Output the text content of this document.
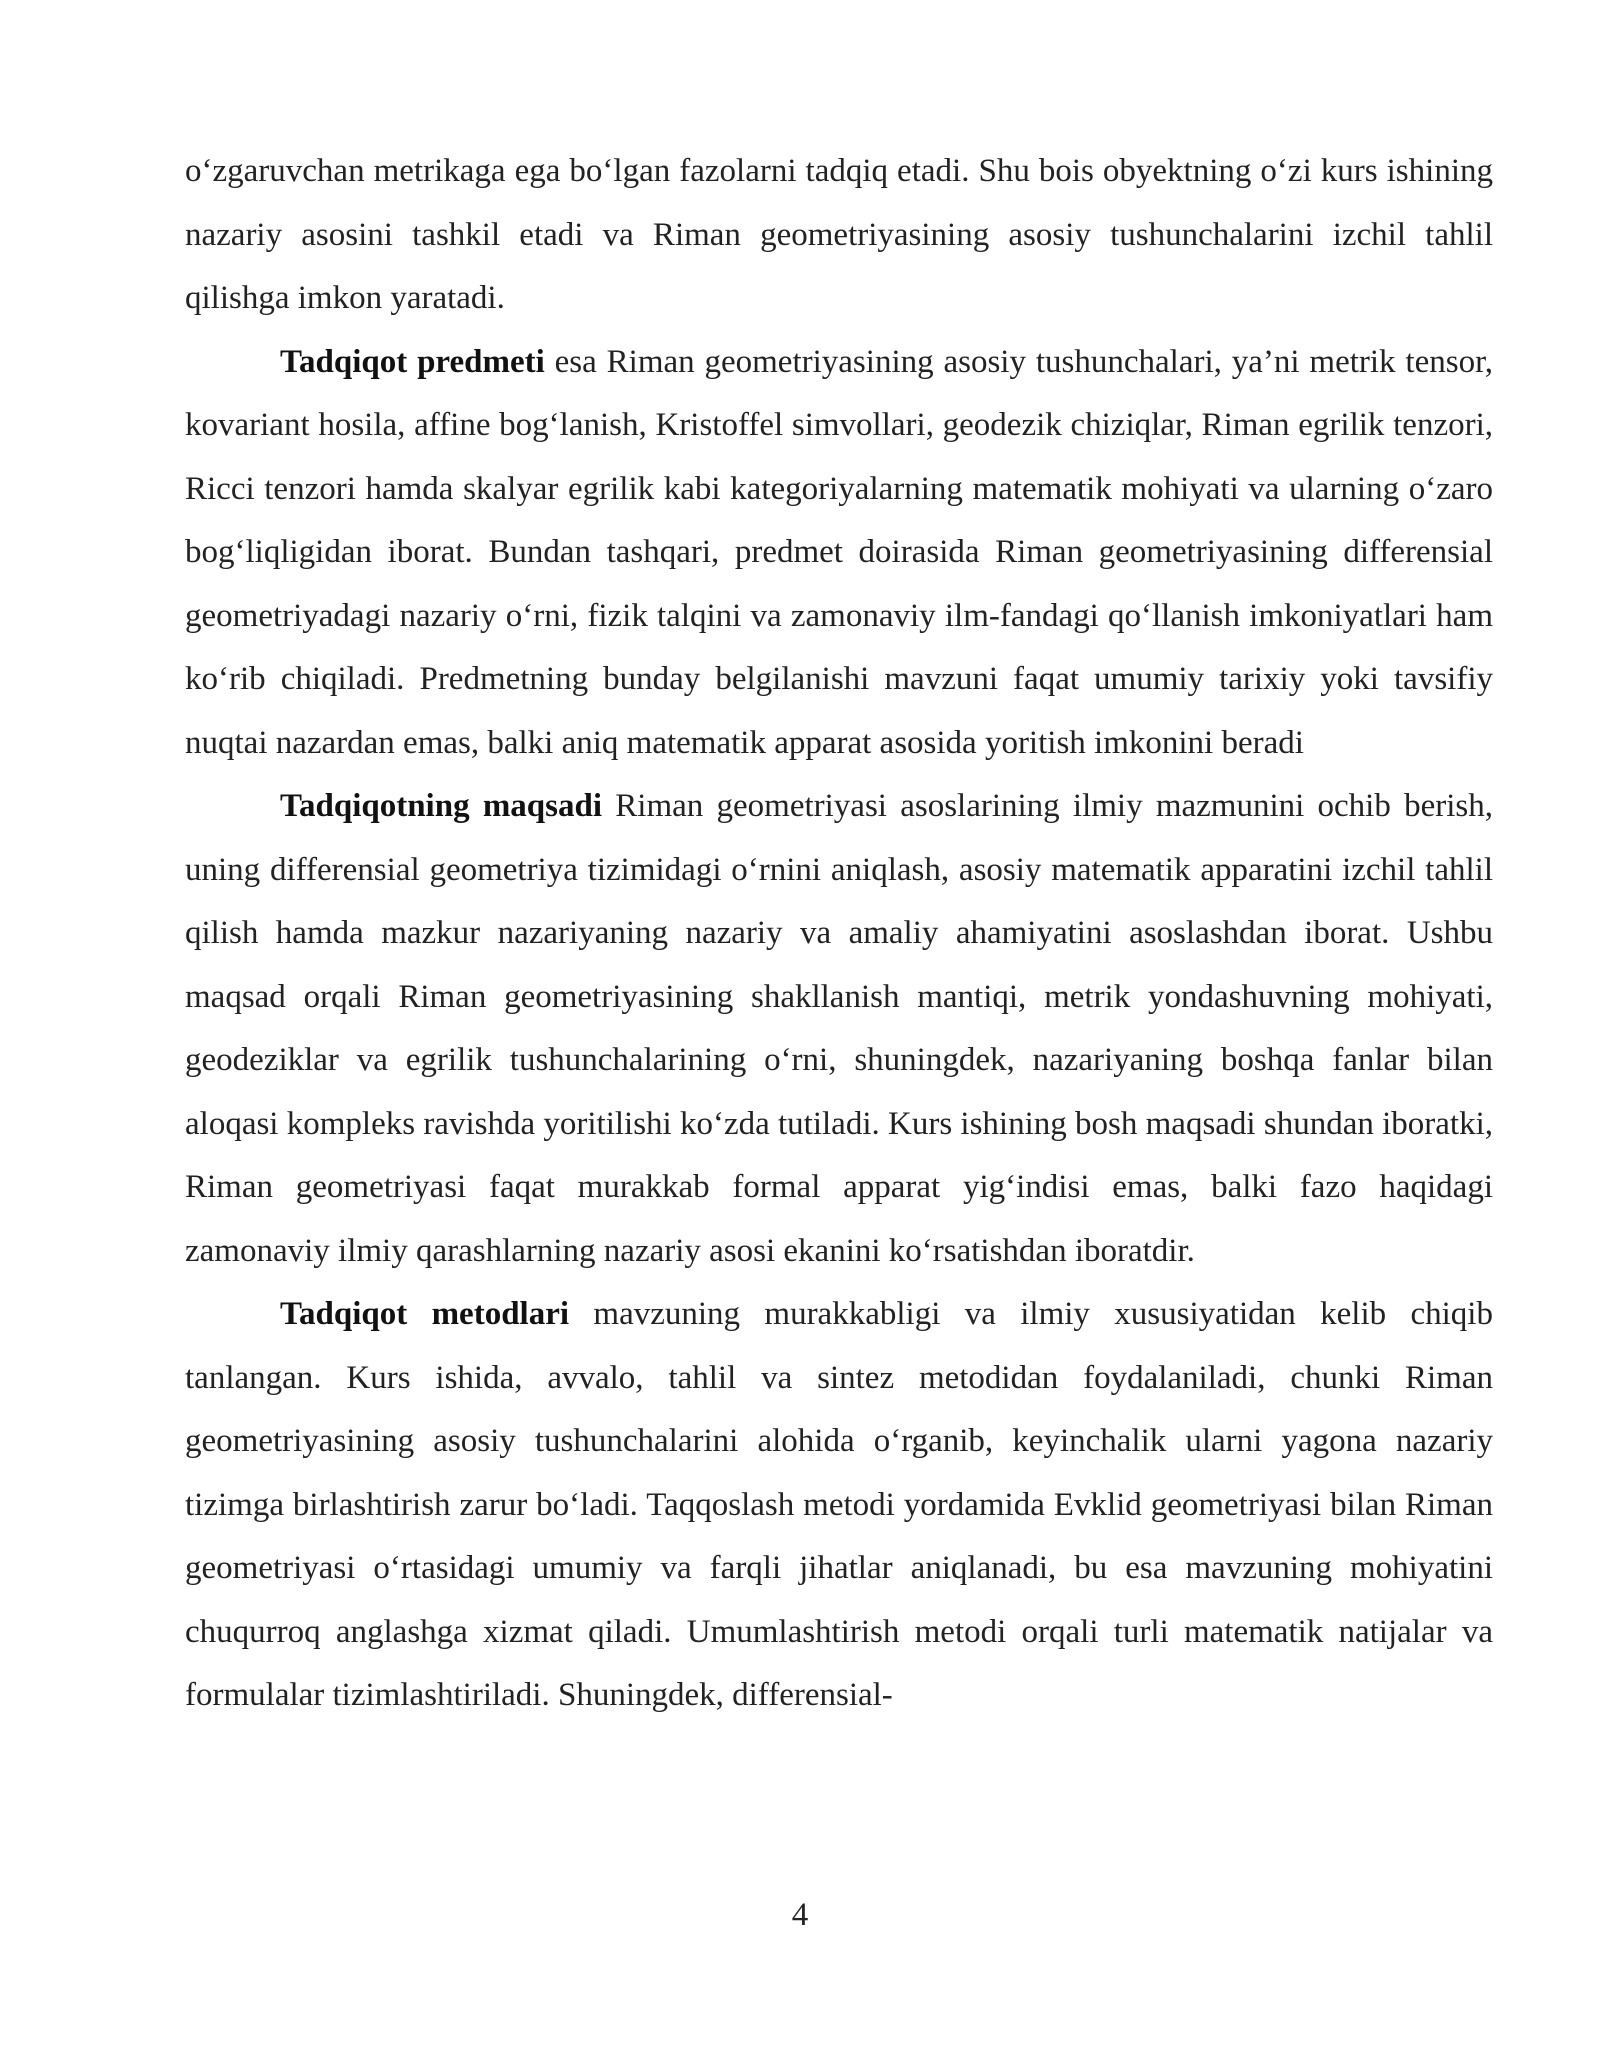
o‘zgaruvchan metrikaga ega bo‘lgan fazolarni tadqiq etadi. Shu bois obyektning o‘zi kurs ishining nazariy asosini tashkil etadi va Riman geometriyasining asosiy tushunchalarini izchil tahlil qilishga imkon yaratadi.

Tadqiqot predmeti esa Riman geometriyasining asosiy tushunchalari, ya’ni metrik tensor, kovariant hosila, affine bog‘lanish, Kristoffel simvollari, geodezik chiziqlar, Riman egrilik tenzori, Ricci tenzori hamda skalyar egrilik kabi kategoriyalarning matematik mohiyati va ularning o‘zaro bog‘liqligidan iborat. Bundan tashqari, predmet doirasida Riman geometriyasining differensial geometriyadagi nazariy o‘rni, fizik talqini va zamonaviy ilm-fandagi qo‘llanish imkoniyatlari ham ko‘rib chiqiladi. Predmetning bunday belgilanishi mavzuni faqat umumiy tarixiy yoki tavsifiy nuqtai nazardan emas, balki aniq matematik apparat asosida yoritish imkonini beradi

Tadqiqotning maqsadi Riman geometriyasi asoslarining ilmiy mazmunini ochib berish, uning differensial geometriya tizimidagi o‘rnini aniqlash, asosiy matematik apparatini izchil tahlil qilish hamda mazkur nazariyaning nazariy va amaliy ahamiyatini asoslashdan iborat. Ushbu maqsad orqali Riman geometriyasining shakllanish mantiqi, metrik yondashuvning mohiyati, geodeziklar va egrilik tushunchalarining o‘rni, shuningdek, nazariyaning boshqa fanlar bilan aloqasi kompleks ravishda yoritilishi ko‘zda tutiladi. Kurs ishining bosh maqsadi shundan iboratki, Riman geometriyasi faqat murakkab formal apparat yig‘indisi emas, balki fazo haqidagi zamonaviy ilmiy qarashlarning nazariy asosi ekanini ko‘rsatishdan iboratdir.

Tadqiqot metodlari mavzuning murakkabligi va ilmiy xususiyatidan kelib chiqib tanlangan. Kurs ishida, avvalo, tahlil va sintez metodidan foydalaniladi, chunki Riman geometriyasining asosiy tushunchalarini alohida o‘rganib, keyinchalik ularni yagona nazariy tizimga birlashtirish zarur bo‘ladi. Taqqoslash metodi yordamida Evklid geometriyasi bilan Riman geometriyasi o‘rtasidagi umumiy va farqli jihatlar aniqlanadi, bu esa mavzuning mohiyatini chuqurroq anglashga xizmat qiladi. Umumlashtirish metodi orqali turli matematik natijalar va formulalar tizimlashtiriladi. Shuningdek, differensial-

4
